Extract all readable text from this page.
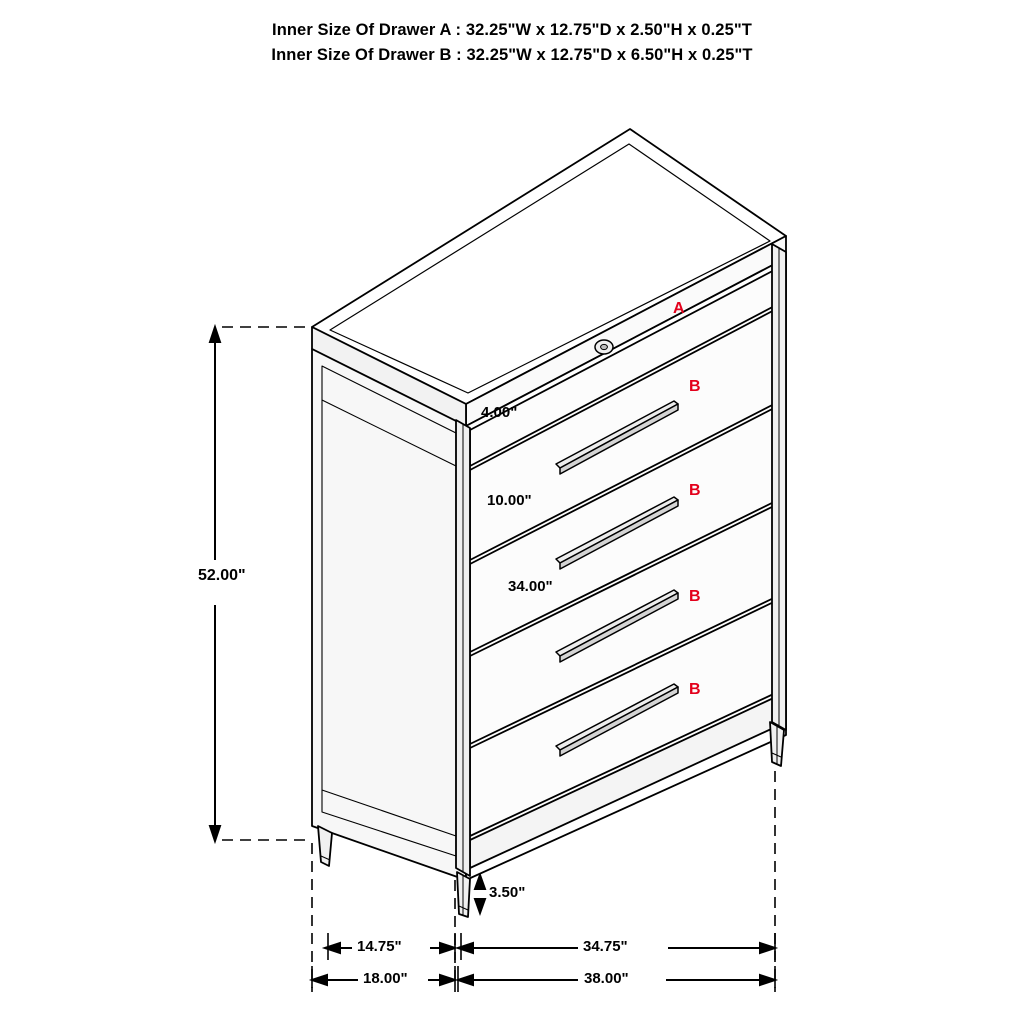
Inner Size Of Drawer A : 32.25"W x 12.75"D x 2.50"H x 0.25"T
Inner Size Of Drawer B : 32.25"W x 12.75"D x 6.50"H x 0.25"T
52.00"
4.00"
10.00"
34.00"
3.50"
14.75"	34.75"
18.00"	38.00"
A
B
B
B
B
